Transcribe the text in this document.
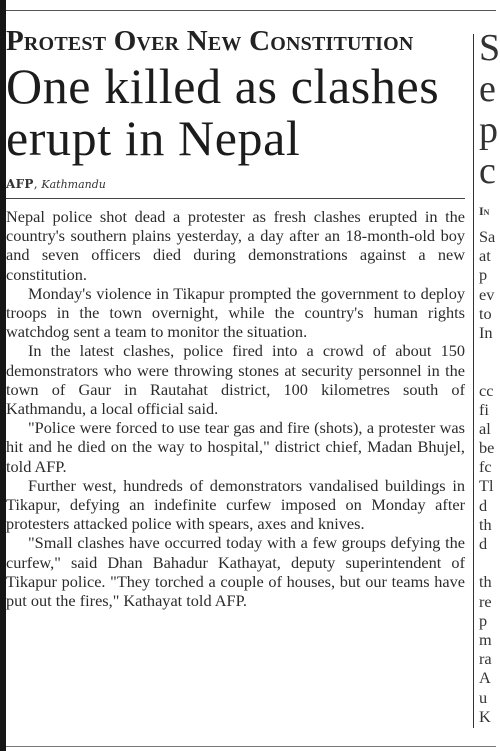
Protest Over New Constitution
One killed as clashes erupt in Nepal
AFP, Kathmandu

Nepal police shot dead a protester as fresh clashes erupted in the country's southern plains yesterday, a day after an 18-month-old boy and seven officers died during demonstrations against a new constitution.

Monday's violence in Tikapur prompted the government to deploy troops in the town overnight, while the country's human rights watchdog sent a team to monitor the situation.

In the latest clashes, police fired into a crowd of about 150 demonstrators who were throwing stones at security personnel in the town of Gaur in Rautahat district, 100 kilometres south of Kathmandu, a local official said.

"Police were forced to use tear gas and fire (shots), a protester was hit and he died on the way to hospital," district chief, Madan Bhujel, told AFP.

Further west, hundreds of demonstrators vandalised buildings in Tikapur, defying an indefinite curfew imposed on Monday after protesters attacked police with spears, axes and knives.

"Small clashes have occurred today with a few groups defying the curfew," said Dhan Bahadur Kathayat, deputy superintendent of Tikapur police. "They torched a couple of houses, but our teams have put out the fires," Kathayat told AFP.

S
e
p
c
In
Sa
at
p
ev
to
In
cc
fi
al
be
fc
Tl
d
th
d
th
re
p
m
ra
A
u
K
